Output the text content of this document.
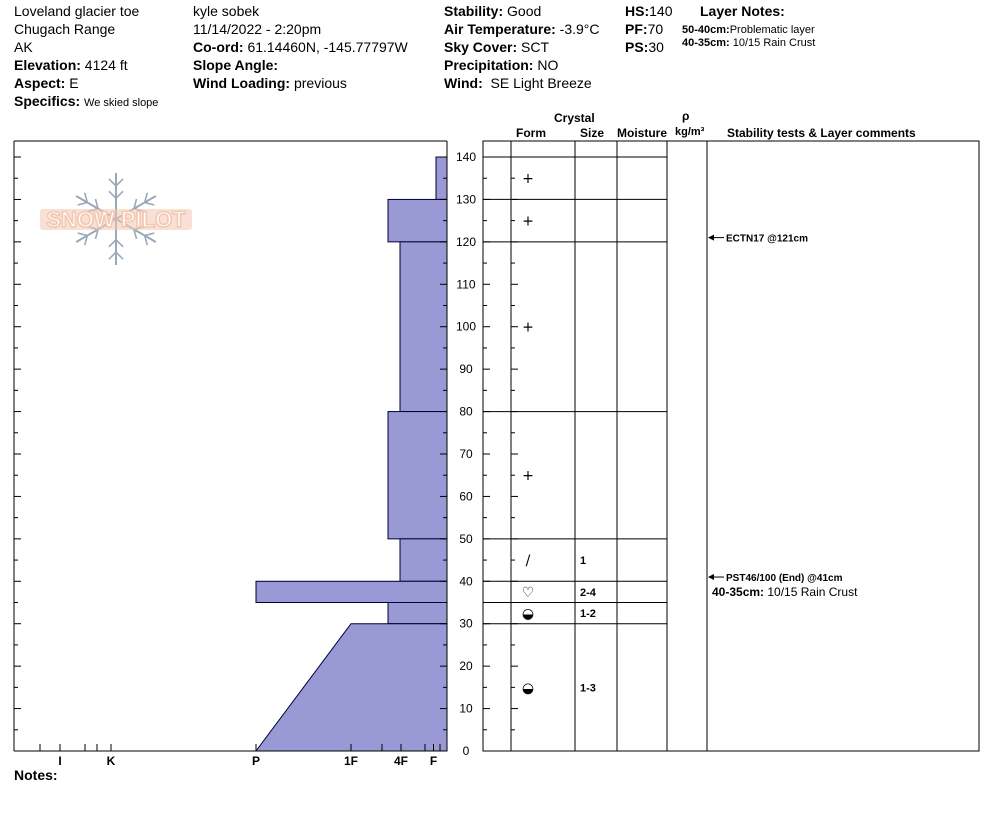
Loveland glacier toe
Chugach Range
AK
Elevation: 4124 ft
Aspect: E
Specifics: We skied slope
kyle sobek
11/14/2022 - 2:20pm
Co-ord: 61.14460N, -145.77797W
Slope Angle:
Wind Loading: previous
Stability: Good
Air Temperature: -3.9°C
Sky Cover: SCT
Precipitation: NO
Wind: SE Light Breeze
HS:140
PF:70
PS:30
Layer Notes:
50-40cm:Problematic layer
40-35cm: 10/15 Rain Crust
Crystal
Form	Size Moisture
ρ
kg/m³ Stability tests & Layer comments
Notes:
SNOW PILOT
0
10
20
30
40
50
60
70
80
90
100
110
120
130
140
I	K	P	1F	4F F
+
+
+
+
/	1
♡	2-4
◒	1-2
◒	1-3
ECTN17 @121cm
PST46/100 (End) @41cm
40-35cm: 10/15 Rain Crust
